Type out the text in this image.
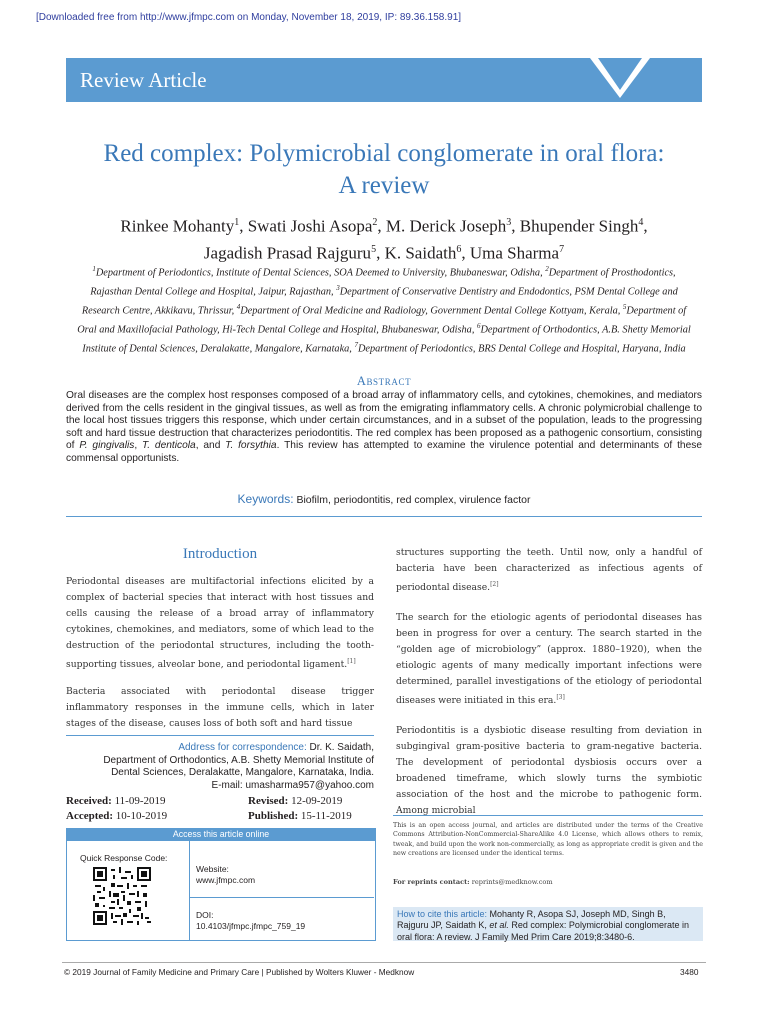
[Downloaded free from http://www.jfmpc.com on Monday, November 18, 2019, IP: 89.36.158.91]
Review Article
Red complex: Polymicrobial conglomerate in oral flora:
A review
Rinkee Mohanty$^1$, Swati Joshi Asopa$^2$, M. Derick Joseph$^3$, Bhupender Singh$^4$,
Jagadish Prasad Rajguru$^5$, K. Saidath$^6$, Uma Sharma$^7$
$^1$Department of Periodontics, Institute of Dental Sciences, SOA Deemed to University, Bhubaneswar, Odisha, $^2$Department of Prosthodontics, Rajasthan Dental College and Hospital, Jaipur, Rajasthan, $^3$Department of Conservative Dentistry and Endodontics, PSM Dental College and Research Centre, Akkikavu, Thrissur, $^4$Department of Oral Medicine and Radiology, Government Dental College Kottyam, Kerala, $^5$Department of Oral and Maxillofacial Pathology, Hi-Tech Dental College and Hospital, Bhubaneswar, Odisha, $^6$Department of Orthodontics, A.B. Shetty Memorial Institute of Dental Sciences, Deralakatte, Mangalore, Karnataka, $^7$Department of Periodontics, BRS Dental College and Hospital, Haryana, India
Abstract
Oral diseases are the complex host responses composed of a broad array of inflammatory cells, and cytokines, chemokines, and mediators derived from the cells resident in the gingival tissues, as well as from the emigrating inflammatory cells. A chronic polymicrobial challenge to the local host tissues triggers this response, which under certain circumstances, and in a subset of the population, leads to the progressing soft and hard tissue destruction that characterizes periodontitis. The red complex has been proposed as a pathogenic consortium, consisting of P. gingivalis, T. denticola, and T. forsythia. This review has attempted to examine the virulence potential and determinants of these commensal opportunists.
Keywords: Biofilm, periodontitis, red complex, virulence factor
Introduction
Periodontal diseases are multifactorial infections elicited by a complex of bacterial species that interact with host tissues and cells causing the release of a broad array of inflammatory cytokines, chemokines, and mediators, some of which lead to the destruction of the periodontal structures, including the tooth-supporting tissues, alveolar bone, and periodontal ligament.[1]
Bacteria associated with periodontal disease trigger inflammatory responses in the immune cells, which in later stages of the disease, causes loss of both soft and hard tissue
structures supporting the teeth. Until now, only a handful of bacteria have been characterized as infectious agents of periodontal disease.[2]
The search for the etiologic agents of periodontal diseases has been in progress for over a century. The search started in the “golden age of microbiology” (approx. 1880–1920), when the etiologic agents of many medically important infections were determined, parallel investigations of the etiology of periodontal diseases were initiated in this era.[3]
Periodontitis is a dysbiotic disease resulting from deviation in subgingival gram-positive bacteria to gram-negative bacteria. The development of periodontal dysbiosis occurs over a broadened timeframe, which slowly turns the symbiotic association of the host and the microbe to pathogenic form. Among microbial
Address for correspondence: Dr. K. Saidath,
Department of Orthodontics, A.B. Shetty Memorial Institute of
Dental Sciences, Deralakatte, Mangalore, Karnataka, India.
E-mail: umasharma957@yahoo.com
Received: 11-09-2019	Revised: 12-09-2019
Accepted: 10-10-2019	Published: 15-11-2019
Access this article online
Quick Response Code:
Website:
www.jfmpc.com
DOI:
10.4103/jfmpc.jfmpc_759_19
This is an open access journal, and articles are distributed under the terms of the Creative Commons Attribution-NonCommercial-ShareAlike 4.0 License, which allows others to remix, tweak, and build upon the work non-commercially, as long as appropriate credit is given and the new creations are licensed under the identical terms.
For reprints contact: reprints@medknow.com
How to cite this article: Mohanty R, Asopa SJ, Joseph MD, Singh B, Rajguru JP, Saidath K, et al. Red complex: Polymicrobial conglomerate in oral flora: A review. J Family Med Prim Care 2019;8:3480-6.
© 2019 Journal of Family Medicine and Primary Care | Published by Wolters Kluwer - Medknow	3480
